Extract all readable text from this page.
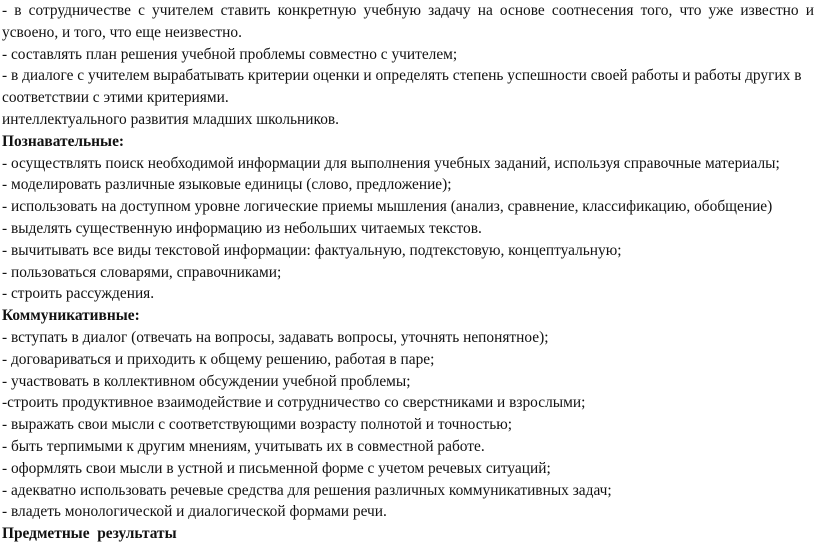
- в сотрудничестве с учителем ставить конкретную учебную задачу на основе соотнесения того, что уже известно и
усвоено, и того, что еще неизвестно.
- составлять план решения учебной проблемы совместно с учителем;
- в диалоге с учителем вырабатывать критерии оценки и определять степень успешности своей работы и работы других в
соответствии с этими критериями.
интеллектуального развития младших школьников.
Познавательные:
- осуществлять поиск необходимой информации для выполнения учебных заданий, используя справочные материалы;
- моделировать различные языковые единицы (слово, предложение);
- использовать на доступном уровне логические приемы мышления (анализ, сравнение, классификацию, обобщение)
- выделять существенную информацию из небольших читаемых текстов.
- вычитывать все виды текстовой информации: фактуальную, подтекстовую, концептуальную;
- пользоваться словарями, справочниками;
- строить рассуждения.
Коммуникативные:
- вступать в диалог (отвечать на вопросы, задавать вопросы, уточнять непонятное);
- договариваться и приходить к общему решению, работая в паре;
- участвовать в коллективном обсуждении учебной проблемы;
-строить продуктивное взаимодействие и сотрудничество со сверстниками и взрослыми;
- выражать свои мысли с соответствующими возрасту полнотой и точностью;
- быть терпимыми к другим мнениям, учитывать их в совместной работе.
- оформлять свои мысли в устной и письменной форме с учетом речевых ситуаций;
- адекватно использовать речевые средства для решения различных коммуникативных задач;
- владеть монологической и диалогической формами речи.
Предметные  результаты
